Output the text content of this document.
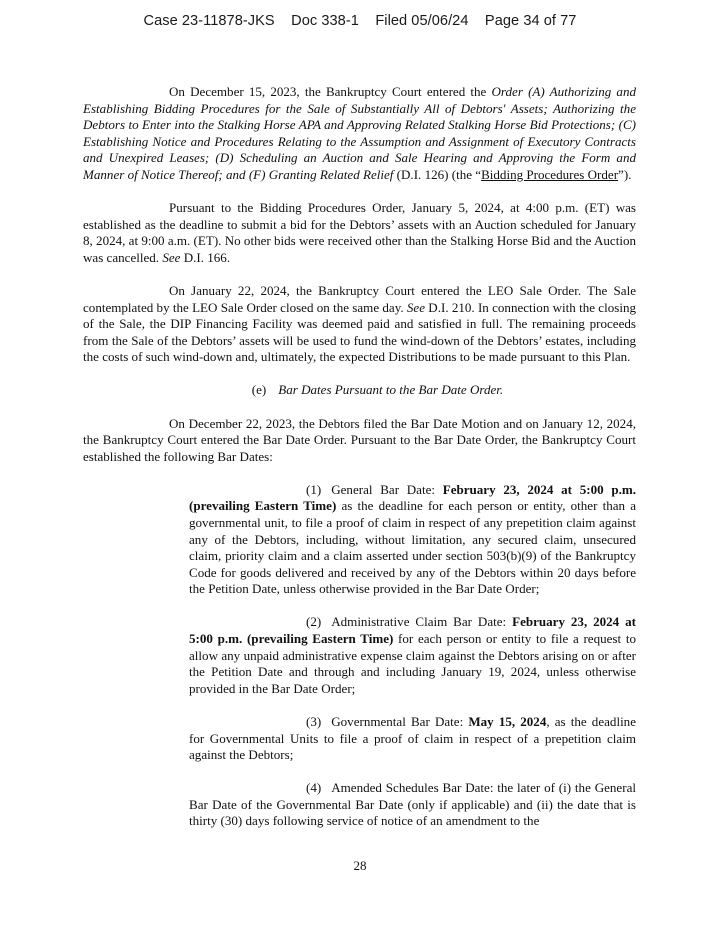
Case 23-11878-JKS    Doc 338-1    Filed 05/06/24    Page 34 of 77

On December 15, 2023, the Bankruptcy Court entered the Order (A) Authorizing and Establishing Bidding Procedures for the Sale of Substantially All of Debtors' Assets; Authorizing the Debtors to Enter into the Stalking Horse APA and Approving Related Stalking Horse Bid Protections; (C) Establishing Notice and Procedures Relating to the Assumption and Assignment of Executory Contracts and Unexpired Leases; (D) Scheduling an Auction and Sale Hearing and Approving the Form and Manner of Notice Thereof; and (F) Granting Related Relief (D.I. 126) (the “Bidding Procedures Order”).

Pursuant to the Bidding Procedures Order, January 5, 2024, at 4:00 p.m. (ET) was established as the deadline to submit a bid for the Debtors’ assets with an Auction scheduled for January 8, 2024, at 9:00 a.m. (ET). No other bids were received other than the Stalking Horse Bid and the Auction was cancelled. See D.I. 166.

On January 22, 2024, the Bankruptcy Court entered the LEO Sale Order. The Sale contemplated by the LEO Sale Order closed on the same day. See D.I. 210. In connection with the closing of the Sale, the DIP Financing Facility was deemed paid and satisfied in full. The remaining proceeds from the Sale of the Debtors’ assets will be used to fund the wind-down of the Debtors’ estates, including the costs of such wind-down and, ultimately, the expected Distributions to be made pursuant to this Plan.

(e) Bar Dates Pursuant to the Bar Date Order.

On December 22, 2023, the Debtors filed the Bar Date Motion and on January 12, 2024, the Bankruptcy Court entered the Bar Date Order. Pursuant to the Bar Date Order, the Bankruptcy Court established the following Bar Dates:

(1) General Bar Date: February 23, 2024 at 5:00 p.m. (prevailing Eastern Time) as the deadline for each person or entity, other than a governmental unit, to file a proof of claim in respect of any prepetition claim against any of the Debtors, including, without limitation, any secured claim, unsecured claim, priority claim and a claim asserted under section 503(b)(9) of the Bankruptcy Code for goods delivered and received by any of the Debtors within 20 days before the Petition Date, unless otherwise provided in the Bar Date Order;

(2) Administrative Claim Bar Date: February 23, 2024 at 5:00 p.m. (prevailing Eastern Time) for each person or entity to file a request to allow any unpaid administrative expense claim against the Debtors arising on or after the Petition Date and through and including January 19, 2024, unless otherwise provided in the Bar Date Order;

(3) Governmental Bar Date: May 15, 2024, as the deadline for Governmental Units to file a proof of claim in respect of a prepetition claim against the Debtors;

(4) Amended Schedules Bar Date: the later of (i) the General Bar Date of the Governmental Bar Date (only if applicable) and (ii) the date that is thirty (30) days following service of notice of an amendment to the

28
